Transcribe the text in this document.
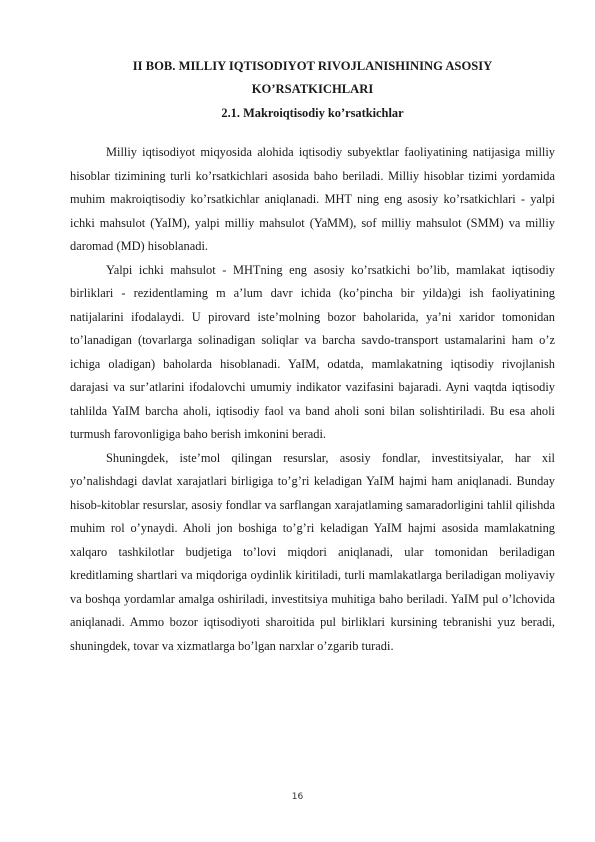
II BOB. MILLIY IQTISODIYOT RIVOJLANISHINING ASOSIY
KO’RSATKICHLARI
2.1. Makroiqtisodiy ko’rsatkichlar

Milliy iqtisodiyot miqyosida alohida iqtisodiy subyektlar faoliyatining natijasiga milliy hisoblar tizimining turli ko’rsatkichlari asosida baho beriladi. Milliy hisoblar tizimi yordamida muhim makroiqtisodiy ko’rsatkichlar aniqlanadi. MHT ning eng asosiy ko’rsatkichlari - yalpi ichki mahsulot (YaIM), yalpi milliy mahsulot (YaMM), sof milliy mahsulot (SMM) va milliy daromad (MD) hisoblanadi.

Yalpi ichki mahsulot - MHTning eng asosiy ko’rsatkichi bo’lib, mamlakat iqtisodiy birliklari - rezidentlaming m a’lum davr ichida (ko’pincha bir yilda)gi ish faoliyatining natijalarini ifodalaydi. U pirovard iste’molning bozor baholarida, ya’ni xaridor tomonidan to’lanadigan (tovarlarga solinadigan soliqlar va barcha savdo-transport ustamalarini ham o’z ichiga oladigan) baholarda hisoblanadi. YaIM, odatda, mamlakatning iqtisodiy rivojlanish darajasi va sur’atlarini ifodalovchi umumiy indikator vazifasini bajaradi. Ayni vaqtda iqtisodiy tahlilda YaIM barcha aholi, iqtisodiy faol va band aholi soni bilan solishtiriladi. Bu esa aholi turmush farovonligiga baho berish imkonini beradi.

Shuningdek, iste’mol qilingan resurslar, asosiy fondlar, investitsiyalar, har xil yo’nalishdagi davlat xarajatlari birligiga to’g’ri keladigan YaIM hajmi ham aniqlanadi. Bunday hisob-kitoblar resurslar, asosiy fondlar va sarflangan xarajatlaming samaradorligini tahlil qilishda muhim rol o’ynaydi. Aholi jon boshiga to’g’ri keladigan YaIM hajmi asosida mamlakatning xalqaro tashkilotlar budjetiga to’lovi miqdori aniqlanadi, ular tomonidan beriladigan kreditlaming shartlari va miqdoriga oydinlik kiritiladi, turli mamlakatlarga beriladigan moliyaviy va boshqa yordamlar amalga oshiriladi, investitsiya muhitiga baho beriladi. YaIM pul o’lchovida aniqlanadi. Ammo bozor iqtisodiyoti sharoitida pul birliklari kursining tebranishi yuz beradi, shuningdek, tovar va xizmatlarga bo’lgan narxlar o’zgarib turadi.

16
